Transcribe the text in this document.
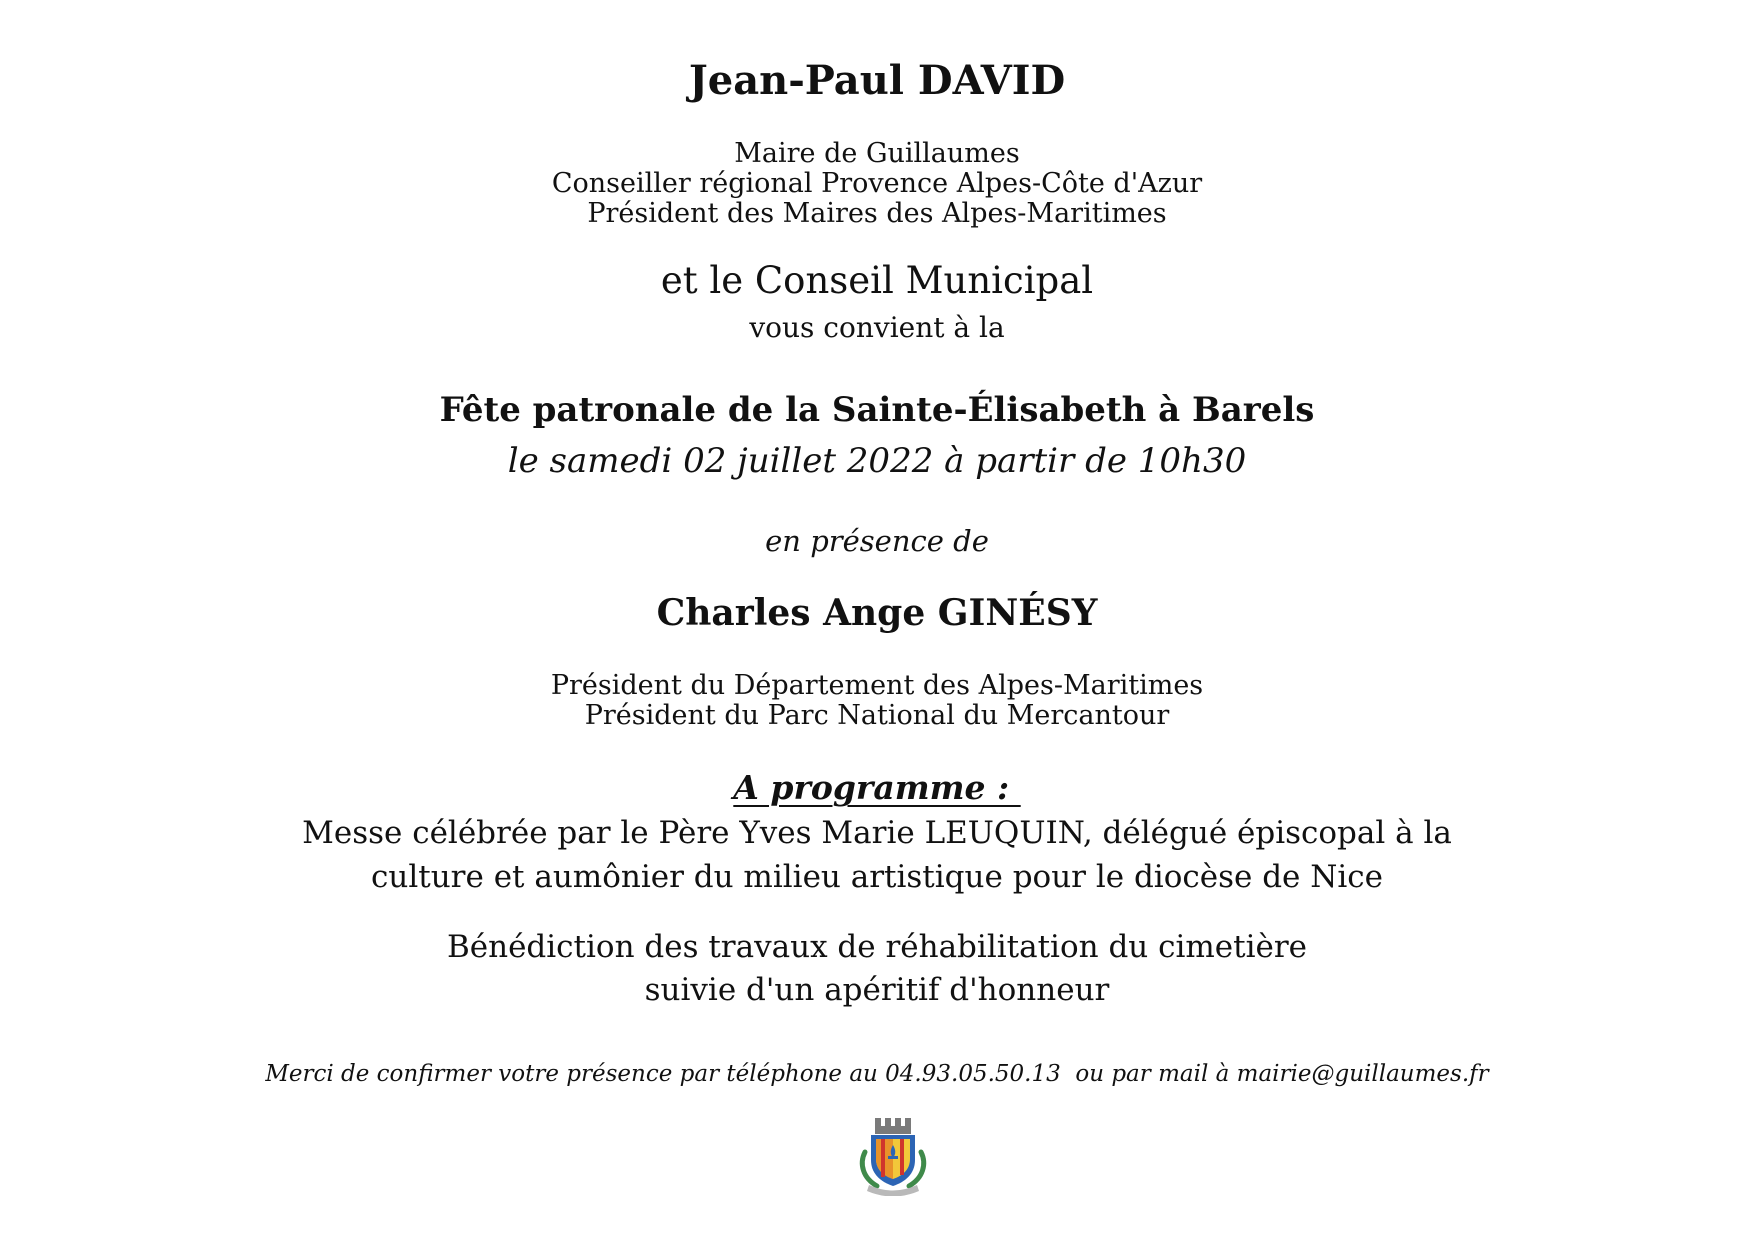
Jean-Paul DAVID
Maire de Guillaumes
Conseiller régional Provence Alpes-Côte d'Azur
Président des Maires des Alpes-Maritimes
et le Conseil Municipal
vous convient à la
Fête patronale de la Sainte-Élisabeth à Barels
le samedi 02 juillet 2022 à partir de 10h30
en présence de
Charles Ange GINÉSY
Président du Département des Alpes-Maritimes
Président du Parc National du Mercantour
A programme :
Messe célébrée par le Père Yves Marie LEUQUIN, délégué épiscopal à la
culture et aumônier du milieu artistique pour le diocèse de Nice
Bénédiction des travaux de réhabilitation du cimetière
suivie d'un apéritif d'honneur
Merci de confirmer votre présence par téléphone au 04.93.05.50.13  ou par mail à mairie@guillaumes.fr
